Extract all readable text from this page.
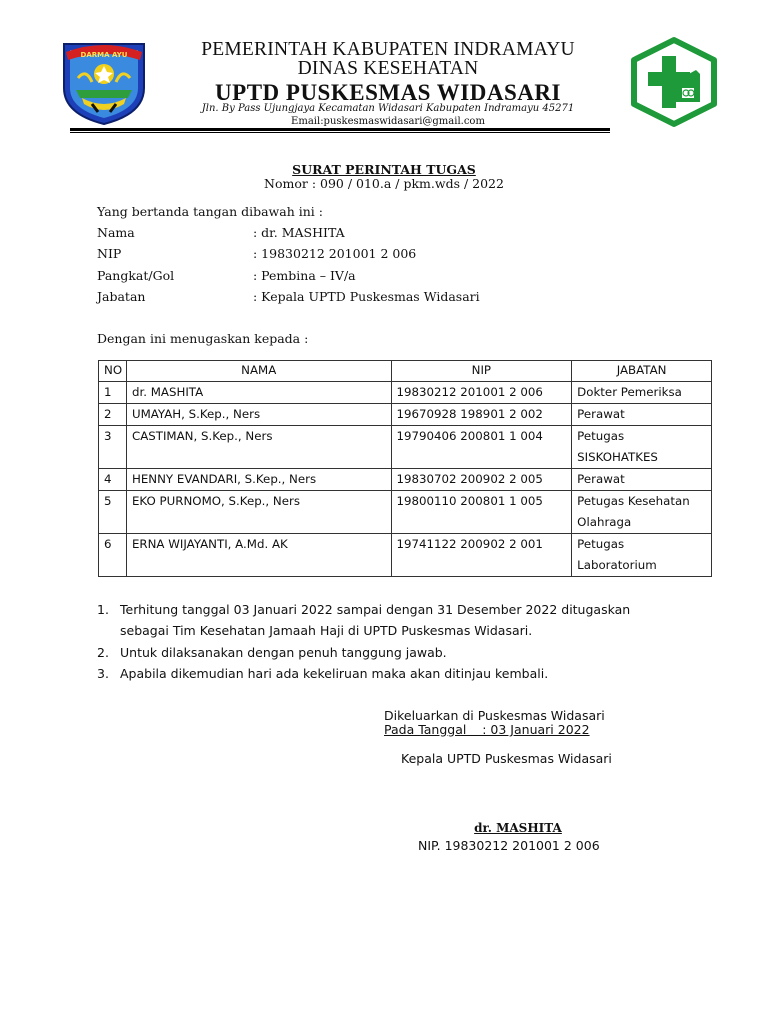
DARMA AYU	PEMERINTAH KABUPATEN INDRAMAYU
DINAS KESEHATAN
UPTD PUSKESMAS WIDASARI
Jln. By Pass Ujungjaya Kecamatan Widasari Kabupaten Indramayu 45271
Email:puskesmaswidasari@gmail.com
SURAT PERINTAH TUGAS
Nomor : 090 / 010.a / pkm.wds / 2022
Yang bertanda tangan dibawah ini :
Nama	: dr. MASHITA
NIP	: 19830212 201001 2 006
Pangkat/Gol	: Pembina – IV/a
Jabatan	: Kepala UPTD Puskesmas Widasari
Dengan ini menugaskan kepada :
NO	NAMA	NIP	JABATAN
1	dr. MASHITA	19830212 201001 2 006	Dokter Pemeriksa
2	UMAYAH, S.Kep., Ners	19670928 198901 2 002	Perawat
3	CASTIMAN, S.Kep., Ners	19790406 200801 1 004	Petugas SISKOHATKES
4	HENNY EVANDARI, S.Kep., Ners	19830702 200902 2 005	Perawat
5	EKO PURNOMO, S.Kep., Ners	19800110 200801 1 005	Petugas Kesehatan Olahraga
6	ERNA WIJAYANTI, A.Md. AK	19741122 200902 2 001	Petugas Laboratorium
1. Terhitung tanggal 03 Januari 2022 sampai dengan 31 Desember 2022 ditugaskan
sebagai Tim Kesehatan Jamaah Haji di UPTD Puskesmas Widasari.
2. Untuk dilaksanakan dengan penuh tanggung jawab.
3. Apabila dikemudian hari ada kekeliruan maka akan ditinjau kembali.
Dikeluarkan di Puskesmas Widasari
Pada Tanggal    : 03 Januari 2022
Kepala UPTD Puskesmas Widasari
dr. MASHITA
NIP. 19830212 201001 2 006
